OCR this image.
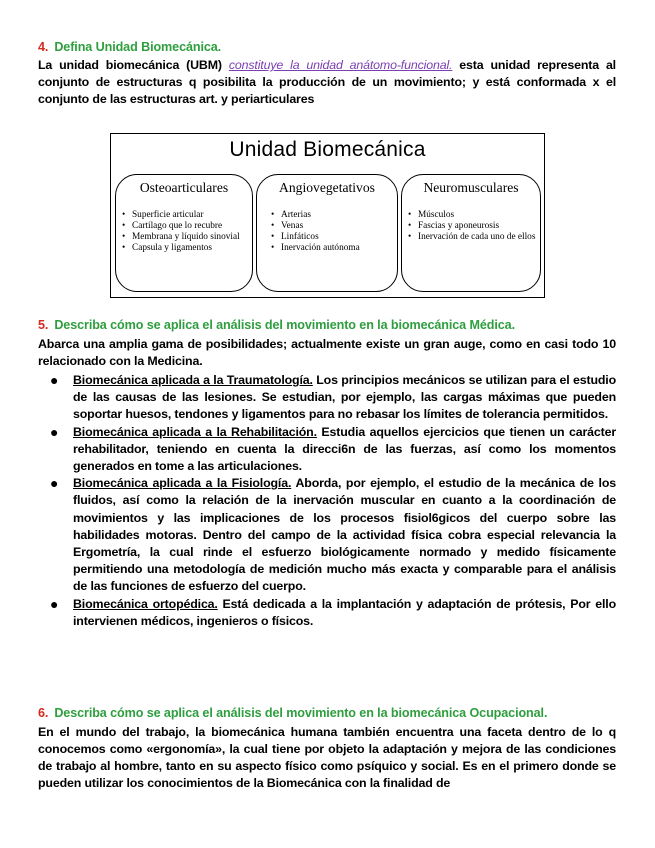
4. Defina Unidad Biomecánica.
La unidad biomecánica (UBM) constituye la unidad anátomo-funcional. esta unidad representa al conjunto de estructuras q posibilita la producción de un movimiento; y está conformada x el conjunto de las estructuras art. y periarticulares
Unidad Biomecánica
Osteoarticulares
• Superficie articular
• Cartílago que lo recubre
• Membrana y líquido sinovial
• Capsula y ligamentos
Angiovegetativos
• Arterias
• Venas
• Linfáticos
• Inervación autónoma
Neuromusculares
• Músculos
• Fascias y aponeurosis
• Inervación de cada uno de ellos
5. Describa cómo se aplica el análisis del movimiento en la biomecánica Médica.
Abarca una amplia gama de posibilidades; actualmente existe un gran auge, como en casi todo 10 relacionado con la Medicina.
● Biomecánica aplicada a la Traumatología. Los principios mecánicos se utilizan para el estudio de las causas de las lesiones. Se estudian, por ejemplo, las cargas máximas que pueden soportar huesos, tendones y ligamentos para no rebasar los límites de tolerancia permitidos.
● Biomecánica aplicada a la Rehabilitación. Estudia aquellos ejercicios que tienen un carácter rehabilitador, teniendo en cuenta la direcci6n de las fuerzas, así como los momentos generados en tome a las articulaciones.
● Biomecánica aplicada a la Fisiología. Aborda, por ejemplo, el estudio de la mecánica de los fluidos, así como la relación de la inervación muscular en cuanto a la coordinación de movimientos y las implicaciones de los procesos fisiol6gicos del cuerpo sobre las habilidades motoras. Dentro del campo de la actividad física cobra especial relevancia la Ergometría, la cual rinde el esfuerzo biológicamente normado y medido físicamente permitiendo una metodología de medición mucho más exacta y comparable para el análisis de las funciones de esfuerzo del cuerpo.
● Biomecánica ortopédica. Está dedicada a la implantación y adaptación de prótesis, Por ello intervienen médicos, ingenieros o físicos.
6. Describa cómo se aplica el análisis del movimiento en la biomecánica Ocupacional.
En el mundo del trabajo, la biomecánica humana también encuentra una faceta dentro de lo q conocemos como «ergonomía», la cual tiene por objeto la adaptación y mejora de las condiciones de trabajo al hombre, tanto en su aspecto físico como psíquico y social. Es en el primero donde se pueden utilizar los conocimientos de la Biomecánica con la finalidad de
